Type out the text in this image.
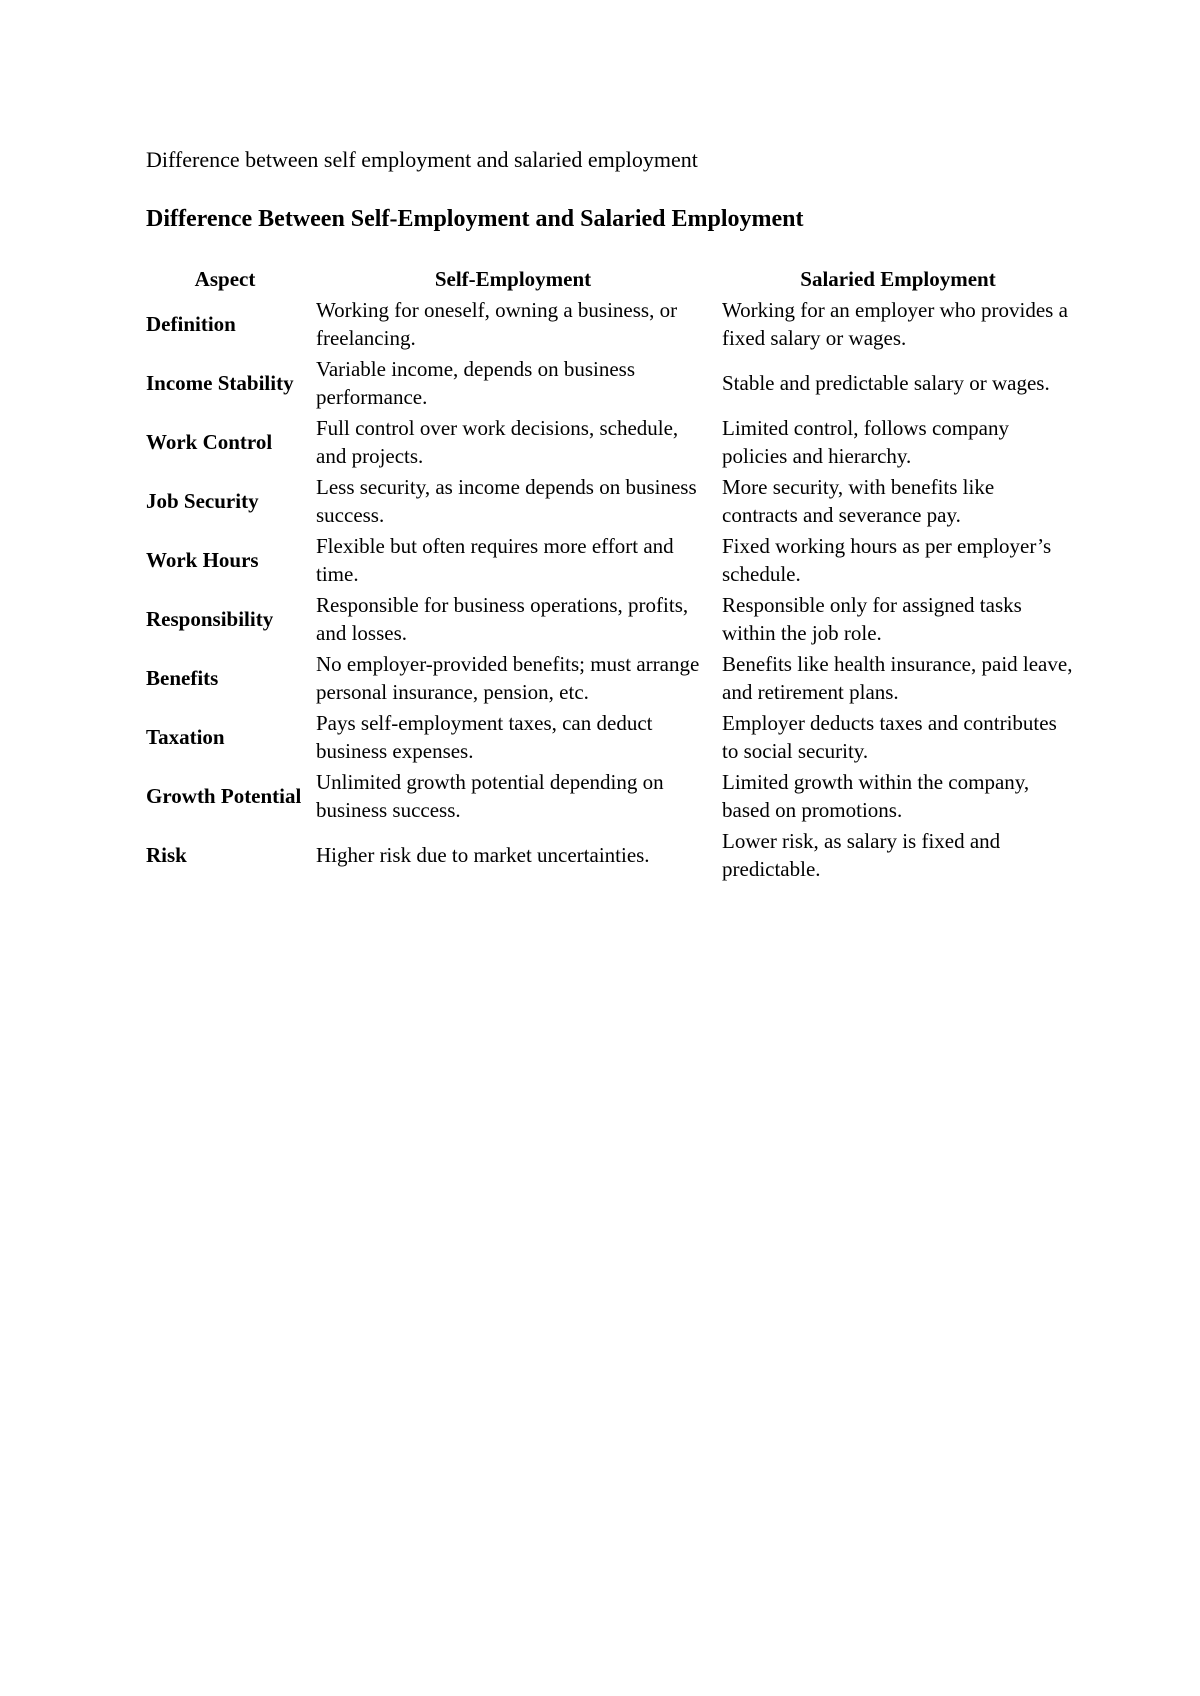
Difference between self employment and salaried employment

Difference Between Self-Employment and Salaried Employment
Aspect	Self-Employment	Salaried Employment
Definition	Working for oneself, owning a business, or freelancing.	Working for an employer who provides a fixed salary or wages.
Income Stability	Variable income, depends on business performance.	Stable and predictable salary or wages.
Work Control	Full control over work decisions, schedule, and projects.	Limited control, follows company policies and hierarchy.
Job Security	Less security, as income depends on business success.	More security, with benefits like contracts and severance pay.
Work Hours	Flexible but often requires more effort and time.	Fixed working hours as per employer’s schedule.
Responsibility	Responsible for business operations, profits, and losses.	Responsible only for assigned tasks within the job role.
Benefits	No employer-provided benefits; must arrange personal insurance, pension, etc.	Benefits like health insurance, paid leave, and retirement plans.
Taxation	Pays self-employment taxes, can deduct business expenses.	Employer deducts taxes and contributes to social security.
Growth Potential	Unlimited growth potential depending on business success.	Limited growth within the company, based on promotions.
Risk	Higher risk due to market uncertainties.	Lower risk, as salary is fixed and predictable.
